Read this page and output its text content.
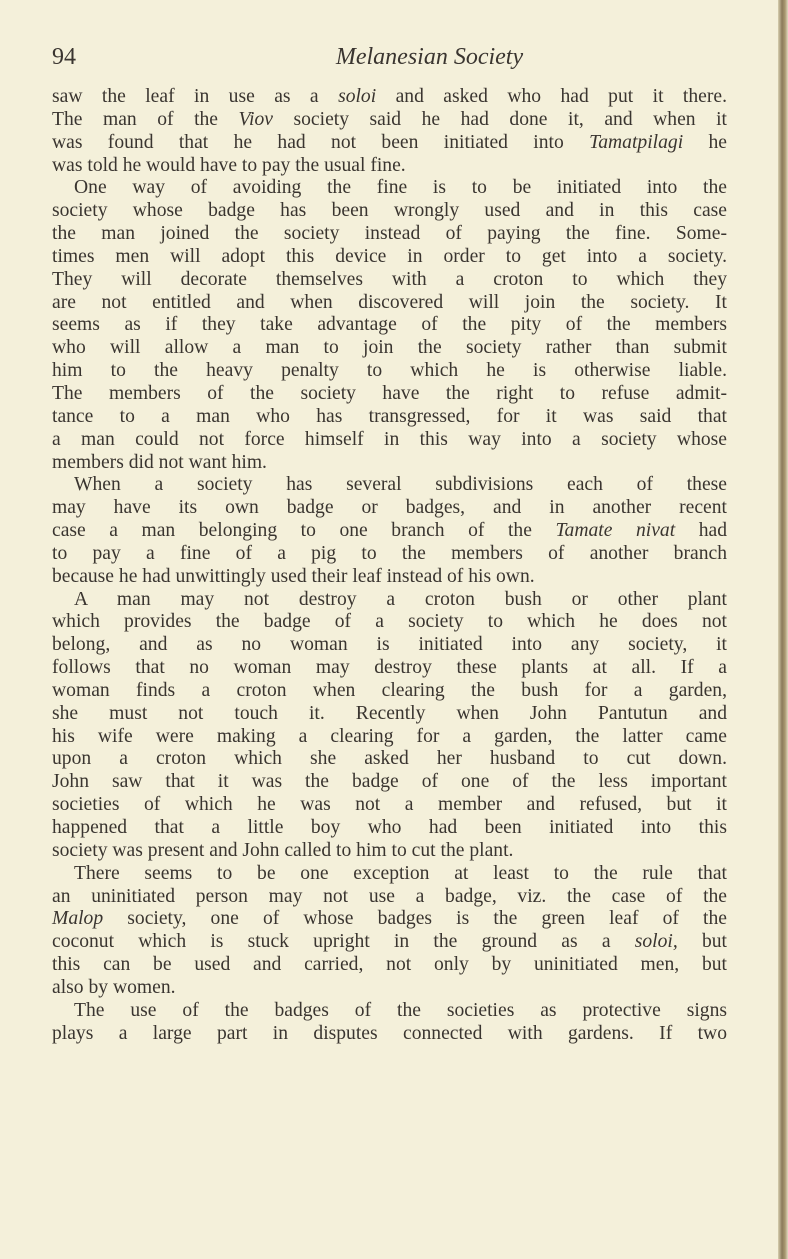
94	Melanesian Society
saw the leaf in use as a soloi and asked who had put it there.
The man of the Viov society said he had done it, and when it
was found that he had not been initiated into Tamatpilagi he
was told he would have to pay the usual fine.
One way of avoiding the fine is to be initiated into the
society whose badge has been wrongly used and in this case
the man joined the society instead of paying the fine. Some-
times men will adopt this device in order to get into a society.
They will decorate themselves with a croton to which they
are not entitled and when discovered will join the society. It
seems as if they take advantage of the pity of the members
who will allow a man to join the society rather than submit
him to the heavy penalty to which he is otherwise liable.
The members of the society have the right to refuse admit-
tance to a man who has transgressed, for it was said that
a man could not force himself in this way into a society whose
members did not want him.
When a society has several subdivisions each of these
may have its own badge or badges, and in another recent
case a man belonging to one branch of the Tamate nivat had
to pay a fine of a pig to the members of another branch
because he had unwittingly used their leaf instead of his own.
A man may not destroy a croton bush or other plant
which provides the badge of a society to which he does not
belong, and as no woman is initiated into any society, it
follows that no woman may destroy these plants at all. If a
woman finds a croton when clearing the bush for a garden,
she must not touch it. Recently when John Pantutun and
his wife were making a clearing for a garden, the latter came
upon a croton which she asked her husband to cut down.
John saw that it was the badge of one of the less important
societies of which he was not a member and refused, but it
happened that a little boy who had been initiated into this
society was present and John called to him to cut the plant.
There seems to be one exception at least to the rule that
an uninitiated person may not use a badge, viz. the case of the
Malop society, one of whose badges is the green leaf of the
coconut which is stuck upright in the ground as a soloi, but
this can be used and carried, not only by uninitiated men, but
also by women.
The use of the badges of the societies as protective signs
plays a large part in disputes connected with gardens. If two
